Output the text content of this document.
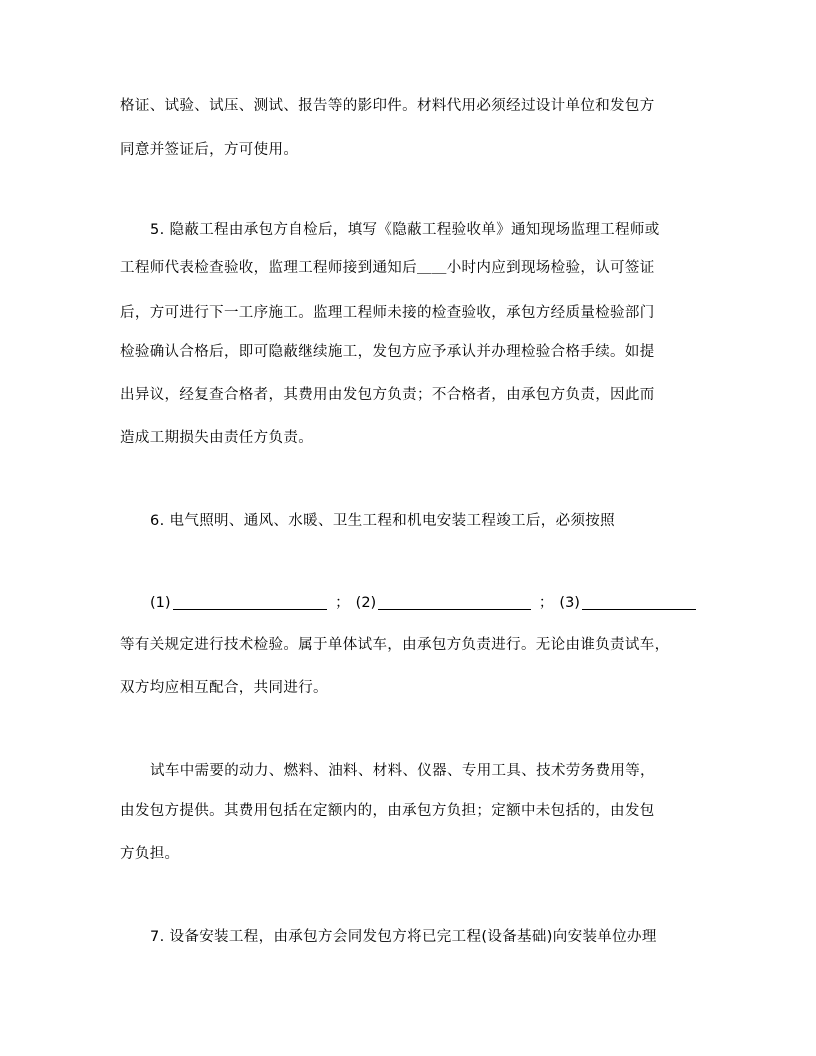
格证、试验、试压、测试、报告等的影印件。材料代用必须经过设计单位和发包方
同意并签证后，方可使用。
5. 隐蔽工程由承包方自检后，填写《隐蔽工程验收单》通知现场监理工程师或
工程师代表检查验收，监理工程师接到通知后＿＿小时内应到现场检验，认可签证
后，方可进行下一工序施工。监理工程师未接的检查验收，承包方经质量检验部门
检验确认合格后，即可隐蔽继续施工，发包方应予承认并办理检验合格手续。如提
出异议，经复查合格者，其费用由发包方负责；不合格者，由承包方负责，因此而
造成工期损失由责任方负责。
6. 电气照明、通风、水暖、卫生工程和机电安装工程竣工后，必须按照
(1)	； (2)	； (3)
等有关规定进行技术检验。属于单体试车，由承包方负责进行。无论由谁负责试车，
双方均应相互配合，共同进行。
试车中需要的动力、燃料、油料、材料、仪器、专用工具、技术劳务费用等，
由发包方提供。其费用包括在定额内的，由承包方负担；定额中未包括的，由发包
方负担。
7. 设备安装工程，由承包方会同发包方将已完工程(设备基础)向安装单位办理
